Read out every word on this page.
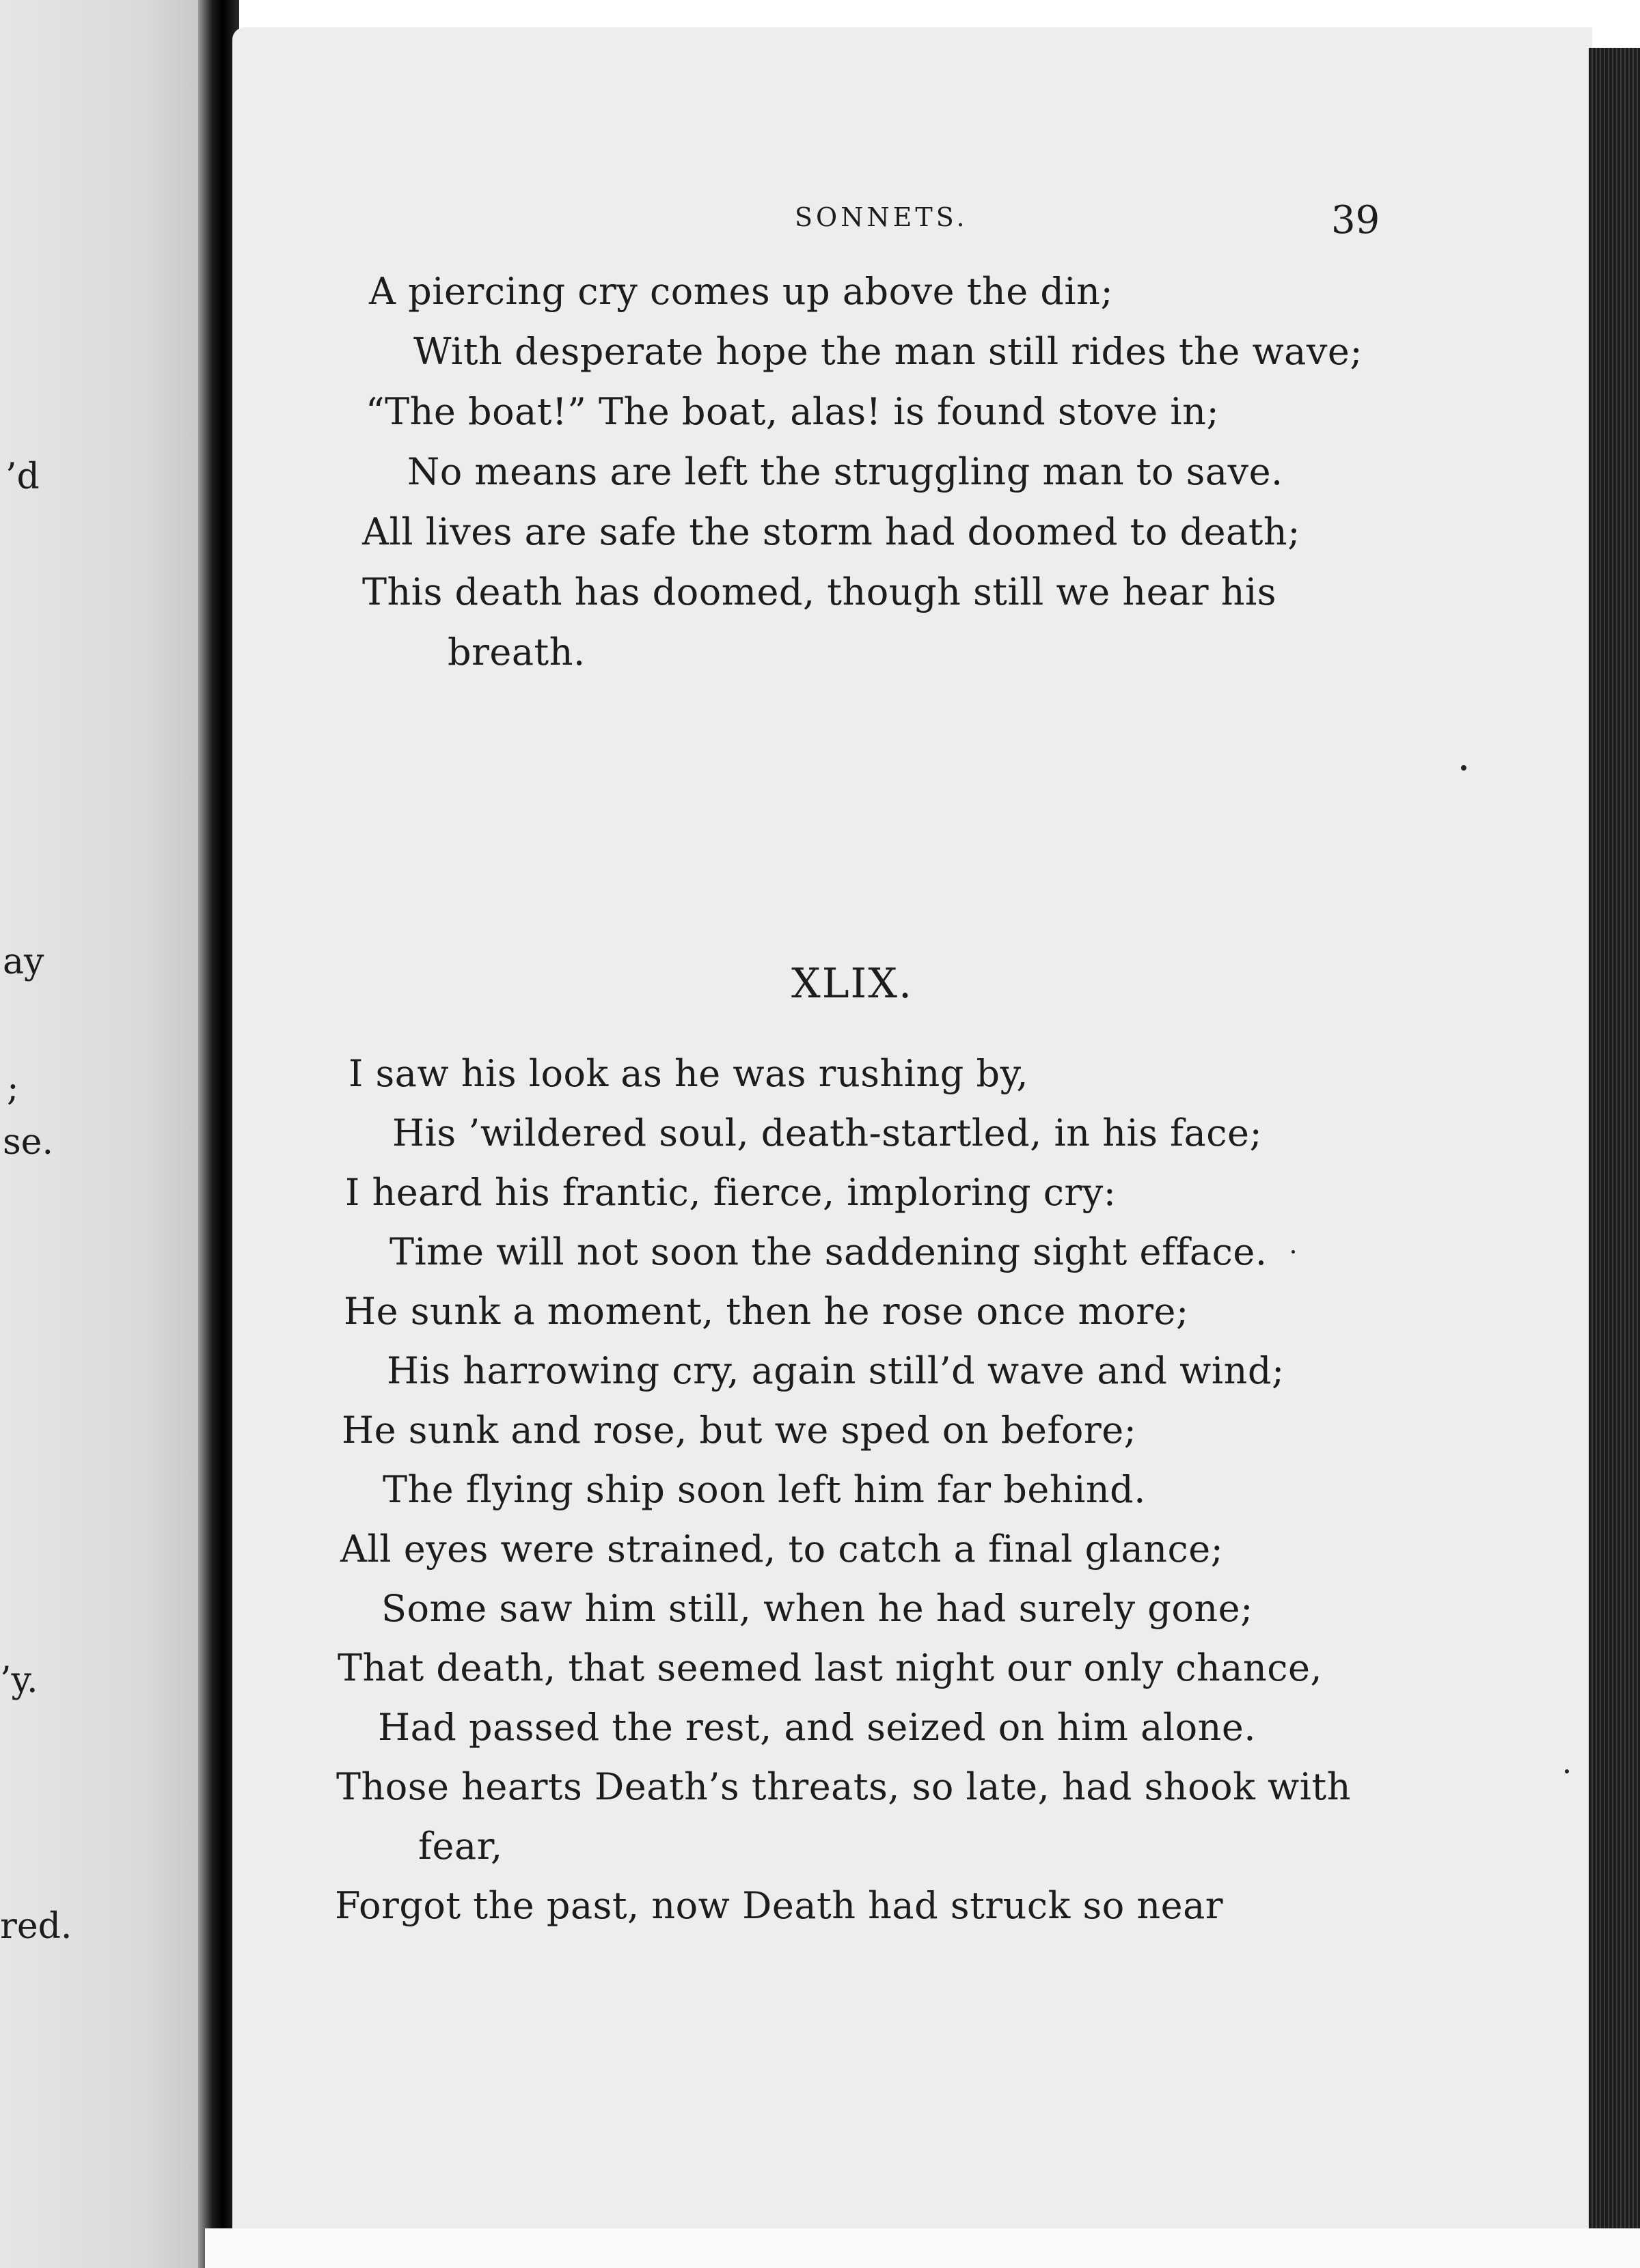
’d
ay
;
se.
’y.
red.
SONNETS.	39
A piercing cry comes up above the din;
With desperate hope the man still rides the wave;
“The boat!” The boat, alas! is found stove in;
No means are left the struggling man to save.
All lives are safe the storm had doomed to death;
This death has doomed, though still we hear his
breath.
XLIX.
I saw his look as he was rushing by,
His ’wildered soul, death-startled, in his face;
I heard his frantic, fierce, imploring cry:
Time will not soon the saddening sight efface.
He sunk a moment, then he rose once more;
His harrowing cry, again still’d wave and wind;
He sunk and rose, but we sped on before;
The flying ship soon left him far behind.
All eyes were strained, to catch a final glance;
Some saw him still, when he had surely gone;
That death, that seemed last night our only chance,
Had passed the rest, and seized on him alone.
Those hearts Death’s threats, so late, had shook with
fear,
Forgot the past, now Death had struck so near
